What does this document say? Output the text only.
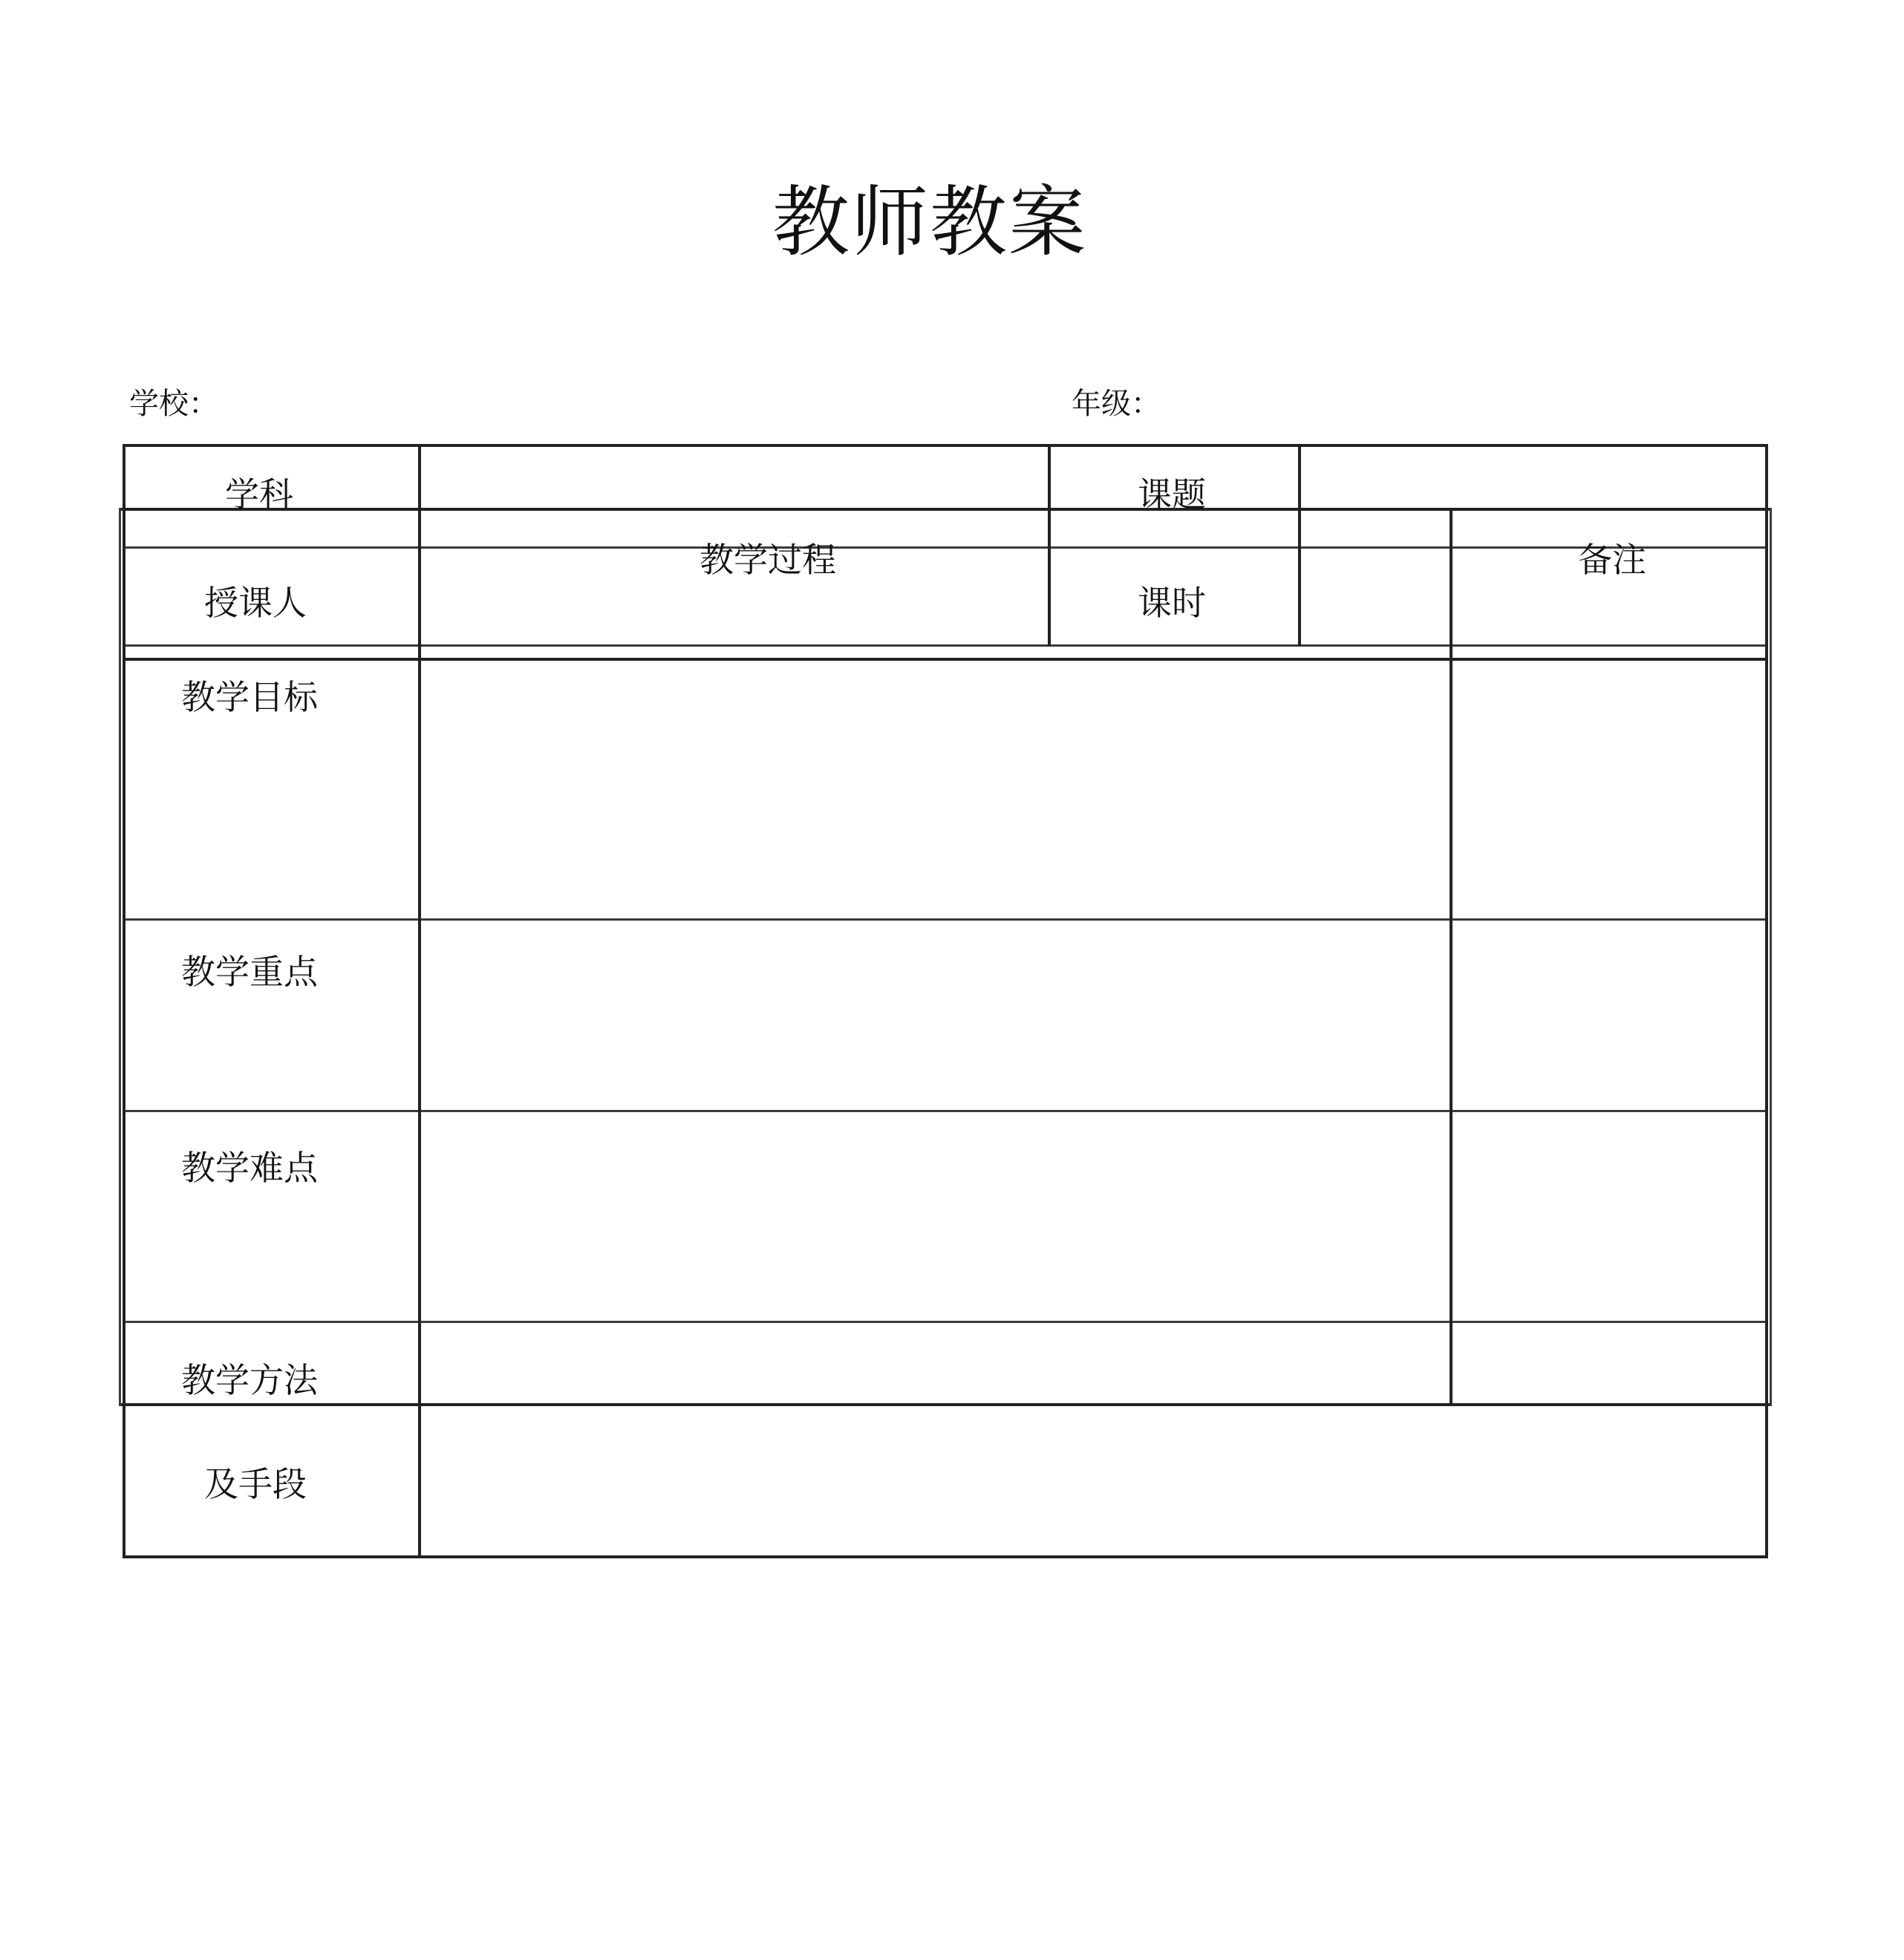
教师教案
学校：	年级：
学科	课题
教学过程	备注
授课人	课时
教学目标
教学重点
教学难点
教学方法
及手段
